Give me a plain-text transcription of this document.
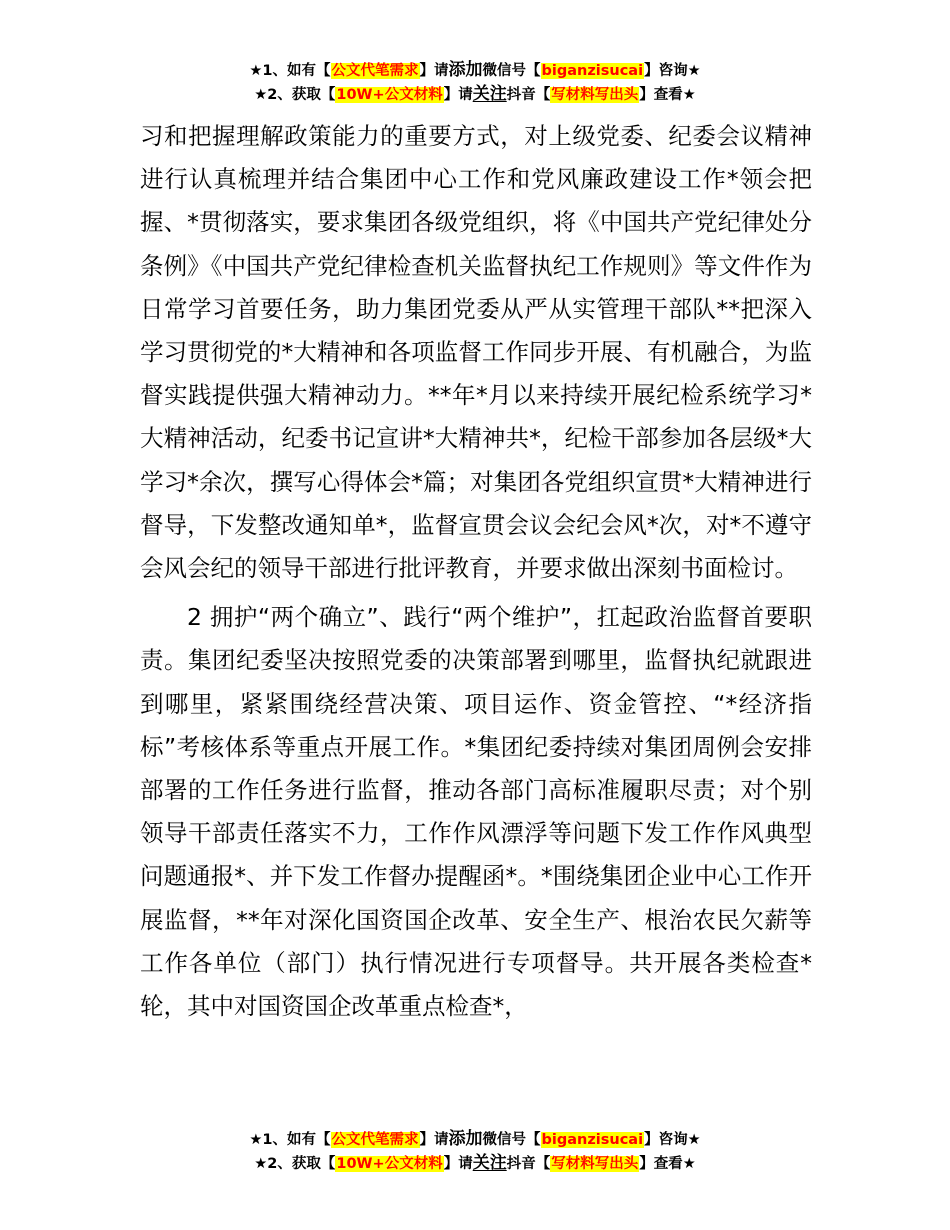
★1、如有【公文代笔需求】请添加微信号【biganzisucai】咨询★
★2、获取【10W+公文材料】请关注抖音【写材料写出头】查看★

习和把握理解政策能力的重要方式，对上级党委、纪委会议精神进行认真梳理并结合集团中心工作和党风廉政建设工作*领会把握、*贯彻落实，要求集团各级党组织，将《中国共产党纪律处分条例》《中国共产党纪律检查机关监督执纪工作规则》等文件作为日常学习首要任务，助力集团党委从严从实管理干部队**把深入学习贯彻党的*大精神和各项监督工作同步开展、有机融合，为监督实践提供强大精神动力。**年*月以来持续开展纪检系统学习*大精神活动，纪委书记宣讲*大精神共*，纪检干部参加各层级*大学习*余次，撰写心得体会*篇；对集团各党组织宣贯*大精神进行督导，下发整改通知单*，监督宣贯会议会纪会风*次，对*不遵守会风会纪的领导干部进行批评教育，并要求做出深刻书面检讨。

2 拥护“两个确立”、践行“两个维护”，扛起政治监督首要职责。集团纪委坚决按照党委的决策部署到哪里，监督执纪就跟进到哪里，紧紧围绕经营决策、项目运作、资金管控、“*经济指标”考核体系等重点开展工作。*集团纪委持续对集团周例会安排部署的工作任务进行监督，推动各部门高标准履职尽责；对个别领导干部责任落实不力，工作作风漂浮等问题下发工作作风典型问题通报*、并下发工作督办提醒函*。*围绕集团企业中心工作开展监督，**年对深化国资国企改革、安全生产、根治农民欠薪等工作各单位（部门）执行情况进行专项督导。共开展各类检查*轮，其中对国资国企改革重点检查*，

★1、如有【公文代笔需求】请添加微信号【biganzisucai】咨询★
★2、获取【10W+公文材料】请关注抖音【写材料写出头】查看★
